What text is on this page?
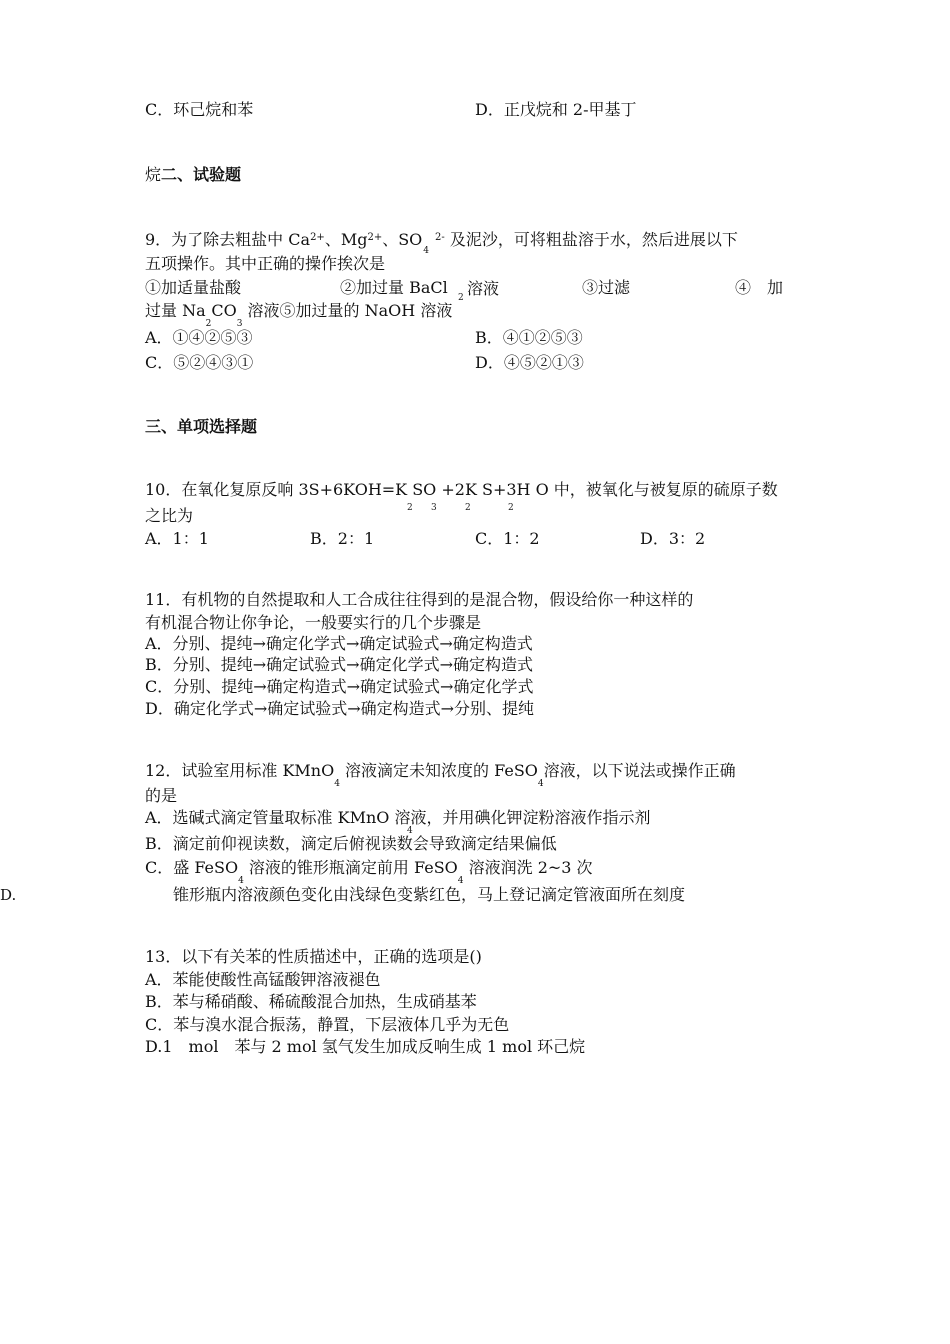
C．环己烷和苯	D．正戊烷和 2-甲基丁
烷二、试验题
9．为了除去粗盐中 $Ca^{2+}$、$Mg^{2+}$、$SO_4^{2-}$ 及泥沙，可将粗盐溶于水，然后进展以下
五项操作。其中正确的操作挨次是
①加适量盐酸	②加过量 BaCl
2 溶液	③过滤	④　加
过量 $Na_2CO_3$ 溶液⑤加过量的 NaOH 溶液
A．①④②⑤③	B．④①②⑤③
C．⑤②④③①	D．④⑤②①③
三、单项选择题
10．在氧化复原反响 3S+6KOH=K SO +2K S+3H O 中，被氧化与被复原的硫原子数
2 3	2	2
之比为
A．1：1	B．2：1	C．1：2	D．3：2
11．有机物的自然提取和人工合成往往得到的是混合物，假设给你一种这样的
有机混合物让你争论，一般要实行的几个步骤是
A．分别、提纯→确定化学式→确定试验式→确定构造式
B．分别、提纯→确定试验式→确定化学式→确定构造式
C．分别、提纯→确定构造式→确定试验式→确定化学式
D．确定化学式→确定试验式→确定构造式→分别、提纯
12．试验室用标准 KMnO$_4$ 溶液滴定未知浓度的 FeSO$_4$溶液，以下说法或操作正确
的是
A．选碱式滴定管量取标准 KMnO 溶液，并用碘化钾淀粉溶液作指示剂
4
B．滴定前仰视读数，滴定后俯视读数会导致滴定结果偏低
C．盛 FeSO$_4$ 溶液的锥形瓶滴定前用 FeSO$_4$ 溶液润洗 2~3 次
D.	锥形瓶内溶液颜色变化由浅绿色变紫红色，马上登记滴定管液面所在刻度
13．以下有关苯的性质描述中，正确的选项是()
A．苯能使酸性高锰酸钾溶液褪色
B．苯与稀硝酸、稀硫酸混合加热，生成硝基苯
C．苯与溴水混合振荡，静置，下层液体几乎为无色
D.1　mol　苯与 2 mol 氢气发生加成反响生成 1 mol 环己烷
